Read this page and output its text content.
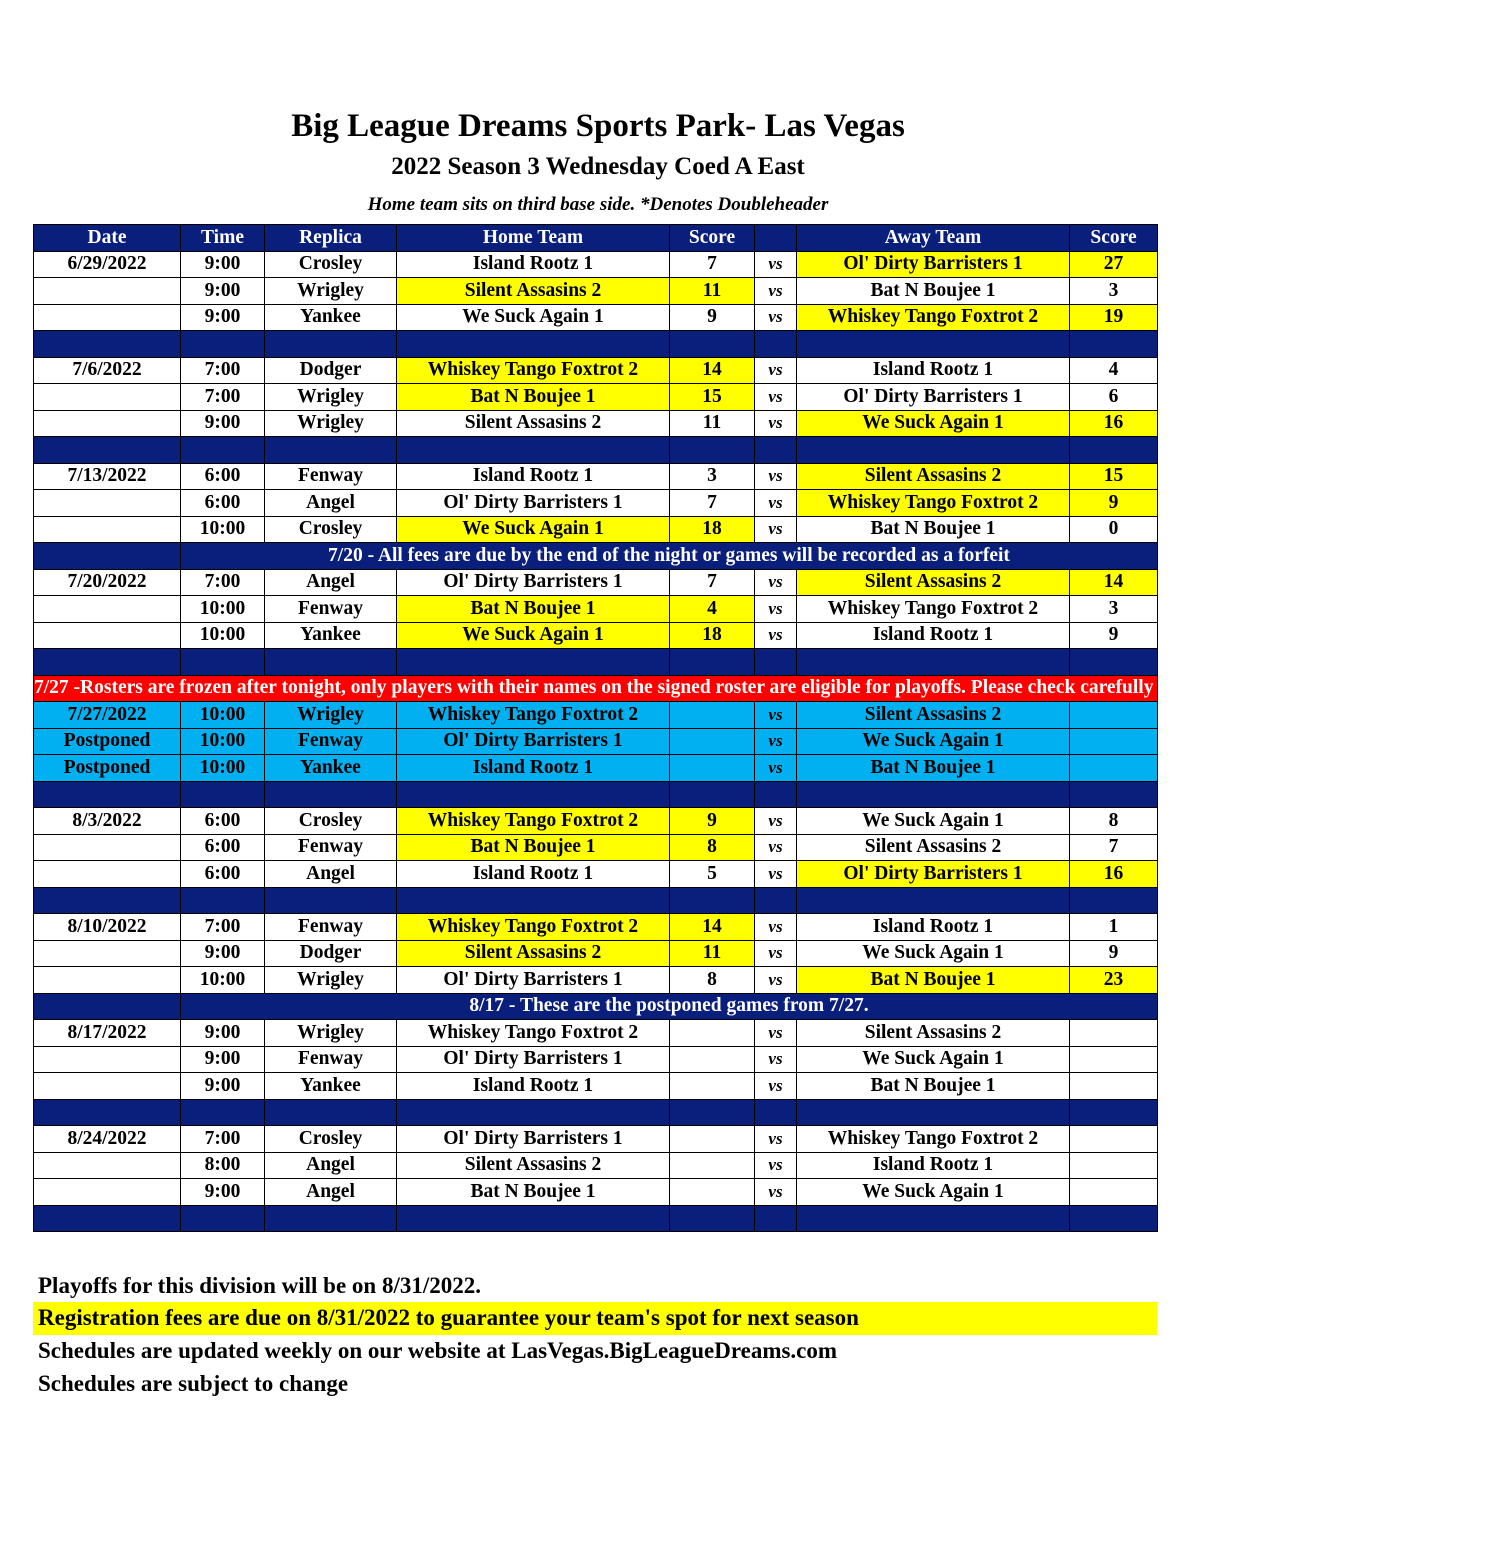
Big League Dreams Sports Park- Las Vegas
2022 Season 3 Wednesday Coed A East
Home team sits on third base side. *Denotes Doubleheader
Date	Time	Replica	Home Team	Score		Away Team	Score
6/29/2022	9:00	Crosley	Island Rootz 1	7	vs	Ol' Dirty Barristers 1	27
	9:00	Wrigley	Silent Assasins 2	11	vs	Bat N Boujee 1	3
	9:00	Yankee	We Suck Again 1	9	vs	Whiskey Tango Foxtrot 2	19

7/6/2022	7:00	Dodger	Whiskey Tango Foxtrot 2	14	vs	Island Rootz 1	4
	7:00	Wrigley	Bat N Boujee 1	15	vs	Ol' Dirty Barristers 1	6
	9:00	Wrigley	Silent Assasins 2	11	vs	We Suck Again 1	16

7/13/2022	6:00	Fenway	Island Rootz 1	3	vs	Silent Assasins 2	15
	6:00	Angel	Ol' Dirty Barristers 1	7	vs	Whiskey Tango Foxtrot 2	9
	10:00	Crosley	We Suck Again 1	18	vs	Bat N Boujee 1	0
	7/20 - All fees are due by the end of the night or games will be recorded as a forfeit						
7/20/2022	7:00	Angel	Ol' Dirty Barristers 1	7	vs	Silent Assasins 2	14
	10:00	Fenway	Bat N Boujee 1	4	vs	Whiskey Tango Foxtrot 2	3
	10:00	Yankee	We Suck Again 1	18	vs	Island Rootz 1	9

7/27 -Rosters are frozen after tonight, only players with their names on the signed roster are eligible for playoffs. Please check carefully as changes will not be made for omissions.							
7/27/2022	10:00	Wrigley	Whiskey Tango Foxtrot 2		vs	Silent Assasins 2	
Postponed	10:00	Fenway	Ol' Dirty Barristers 1		vs	We Suck Again 1	
Postponed	10:00	Yankee	Island Rootz 1		vs	Bat N Boujee 1	

8/3/2022	6:00	Crosley	Whiskey Tango Foxtrot 2	9	vs	We Suck Again 1	8
	6:00	Fenway	Bat N Boujee 1	8	vs	Silent Assasins 2	7
	6:00	Angel	Island Rootz 1	5	vs	Ol' Dirty Barristers 1	16

8/10/2022	7:00	Fenway	Whiskey Tango Foxtrot 2	14	vs	Island Rootz 1	1
	9:00	Dodger	Silent Assasins 2	11	vs	We Suck Again 1	9
	10:00	Wrigley	Ol' Dirty Barristers 1	8	vs	Bat N Boujee 1	23
	8/17 - These are the postponed games from 7/27.						
8/17/2022	9:00	Wrigley	Whiskey Tango Foxtrot 2		vs	Silent Assasins 2	
	9:00	Fenway	Ol' Dirty Barristers 1		vs	We Suck Again 1	
	9:00	Yankee	Island Rootz 1		vs	Bat N Boujee 1	

8/24/2022	7:00	Crosley	Ol' Dirty Barristers 1		vs	Whiskey Tango Foxtrot 2	
	8:00	Angel	Silent Assasins 2		vs	Island Rootz 1	
	9:00	Angel	Bat N Boujee 1		vs	We Suck Again 1	

Playoffs for this division will be on 8/31/2022.
Registration fees are due on 8/31/2022 to guarantee your team's spot for next season
Schedules are updated weekly on our website at LasVegas.BigLeagueDreams.com
Schedules are subject to change
